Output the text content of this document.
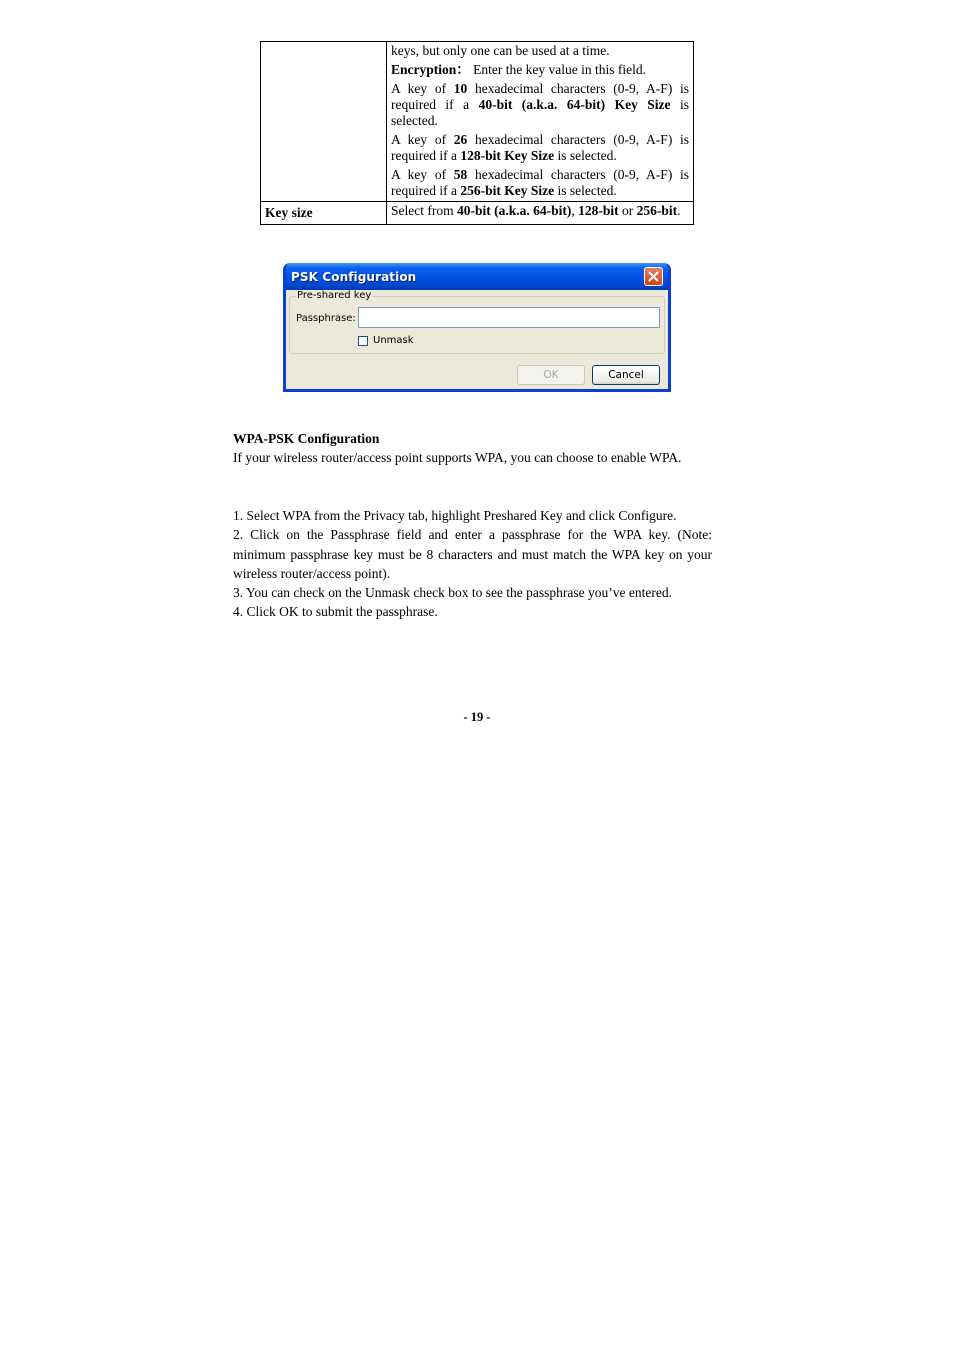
	keys, but only one can be used at a time.

Encryption： Enter the key value in this field.

A key of 10 hexadecimal characters (0-9, A-F) is required if a 40-bit (a.k.a. 64-bit) Key Size is selected.

A key of 26 hexadecimal characters (0-9, A-F) is required if a 128-bit Key Size is selected.

A key of 58 hexadecimal characters (0-9, A-F) is required if a 256-bit Key Size is selected.

Key size	Select from 40-bit (a.k.a. 64-bit), 128-bit or 256-bit.

PSK Configuration
Pre-shared key
Passphrase:
Unmask
OK	Cancel
WPA-PSK Configuration
If your wireless router/access point supports WPA, you can choose to enable WPA.
1. Select WPA from the Privacy tab, highlight Preshared Key and click Configure.
2. Click on the Passphrase field and enter a passphrase for the WPA key. (Note: minimum passphrase key must be 8 characters and must match the WPA key on your wireless router/access point).
3. You can check on the Unmask check box to see the passphrase you’ve entered.
4. Click OK to submit the passphrase.
- 19 -
